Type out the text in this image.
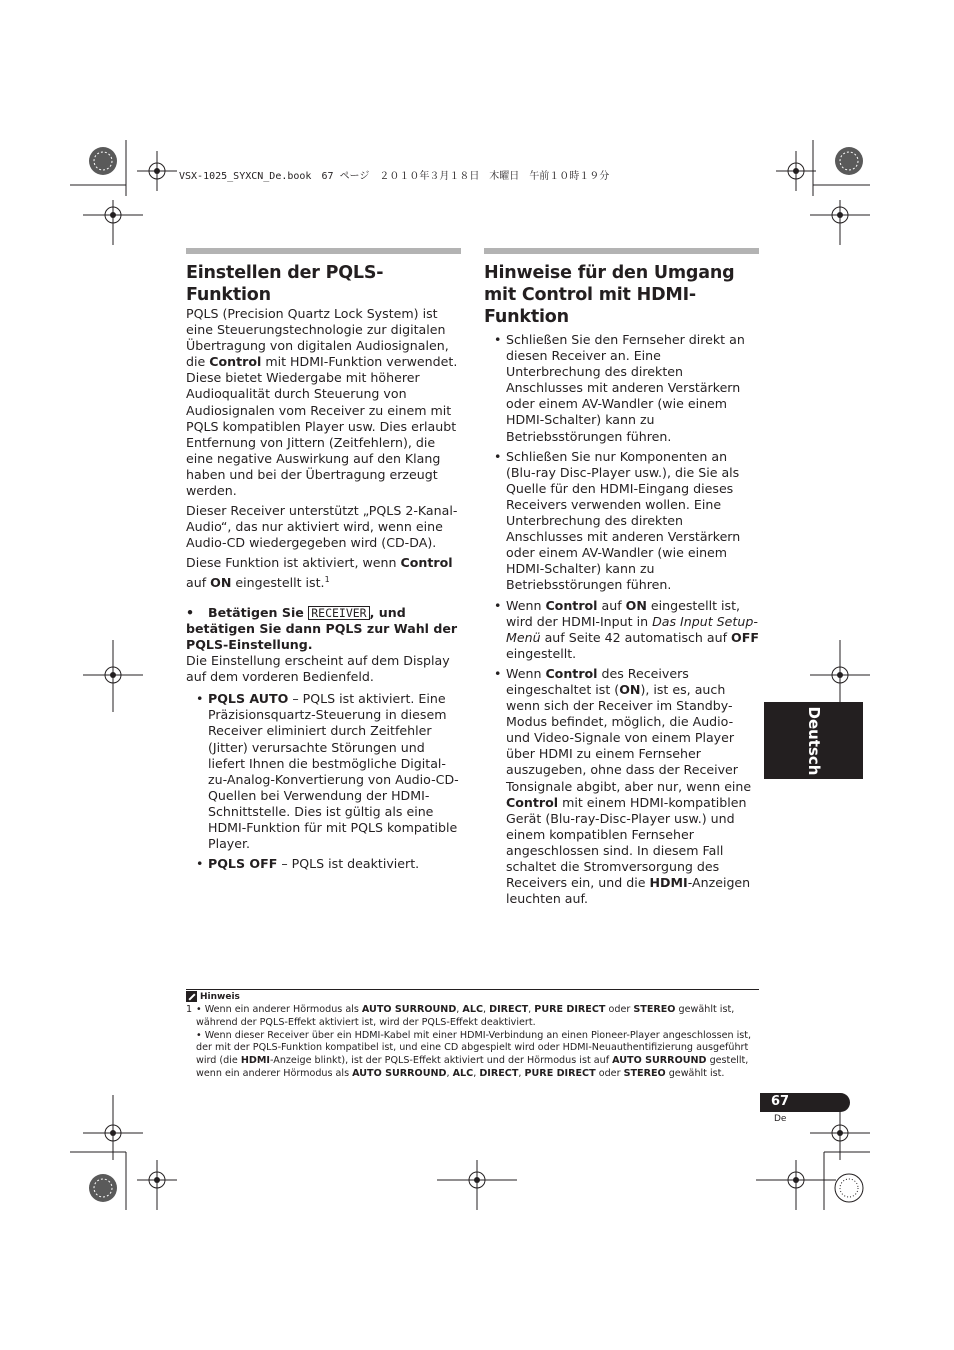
VSX-1025_SYXCN_De.book　67 ページ　２０１０年３月１８日　木曜日　午前１０時１９分
Einstellen der PQLS-Funktion

PQLS (Precision Quartz Lock System) ist eine Steuerungstechnologie zur digitalen Übertragung von digitalen Audiosignalen, die Control mit HDMI-Funktion verwendet. Diese bietet Wiedergabe mit höherer Audioqualität durch Steuerung von Audiosignalen vom Receiver zu einem mit PQLS kompatiblen Player usw. Dies erlaubt Entfernung von Jittern (Zeitfehlern), die eine negative Auswirkung auf den Klang haben und bei der Übertragung erzeugt werden.

Dieser Receiver unterstützt „PQLS 2-Kanal-Audio“, das nur aktiviert wird, wenn eine Audio-CD wiedergegeben wird (CD-DA).

Diese Funktion ist aktiviert, wenn Control auf ON eingestellt ist.$^1$

• Betätigen Sie RECEIVER , und betätigen Sie dann PQLS zur Wahl der PQLS-Einstellung.

Die Einstellung erscheint auf dem Display auf dem vorderen Bedienfeld.

• PQLS AUTO – PQLS ist aktiviert. Eine Präzisionsquartz-Steuerung in diesem Receiver eliminiert durch Zeitfehler (Jitter) verursachte Störungen und liefert Ihnen die bestmögliche Digital-zu-Analog-Konvertierung von Audio-CD-Quellen bei Verwendung der HDMI-Schnittstelle. Dies ist gültig als eine HDMI-Funktion für mit PQLS kompatible Player.
• PQLS OFF – PQLS ist deaktiviert.
Hinweise für den Umgang mit Control mit HDMI-Funktion
• Schließen Sie den Fernseher direkt an diesen Receiver an. Eine Unterbrechung des direkten Anschlusses mit anderen Verstärkern oder einem AV-Wandler (wie einem HDMI-Schalter) kann zu Betriebsstörungen führen.
• Schließen Sie nur Komponenten an (Blu-ray Disc-Player usw.), die Sie als Quelle für den HDMI-Eingang dieses Receivers verwenden wollen. Eine Unterbrechung des direkten Anschlusses mit anderen Verstärkern oder einem AV-Wandler (wie einem HDMI-Schalter) kann zu Betriebsstörungen führen.
• Wenn Control auf ON eingestellt ist, wird der HDMI-Input in Das Input Setup-Menü auf Seite 42 automatisch auf OFF eingestellt.
• Wenn Control des Receivers eingeschaltet ist (ON), ist es, auch wenn sich der Receiver im Standby-Modus befindet, möglich, die Audio- und Video-Signale von einem Player über HDMI zu einem Fernseher auszugeben, ohne dass der Receiver Tonsignale abgibt, aber nur, wenn eine Control mit einem HDMI-kompatiblen Gerät (Blu-ray-Disc-Player usw.) und einem kompatiblen Fernseher angeschlossen sind. In diesem Fall schaltet die Stromversorgung des Receivers ein, und die HDMI-Anzeigen leuchten auf.
Deutsch
Hinweis
1 • Wenn ein anderer Hörmodus als AUTO SURROUND, ALC, DIRECT, PURE DIRECT oder STEREO gewählt ist, während der PQLS-Effekt aktiviert ist, wird der PQLS-Effekt deaktiviert.
• Wenn dieser Receiver über ein HDMI-Kabel mit einer HDMI-Verbindung an einen Pioneer-Player angeschlossen ist, der mit der PQLS-Funktion kompatibel ist, und eine CD abgespielt wird oder HDMI-Neuauthentifizierung ausgeführt wird (die HDMI-Anzeige blinkt), ist der PQLS-Effekt aktiviert und der Hörmodus ist auf AUTO SURROUND gestellt, wenn ein anderer Hörmodus als AUTO SURROUND, ALC, DIRECT, PURE DIRECT oder STEREO gewählt ist.
67
De
